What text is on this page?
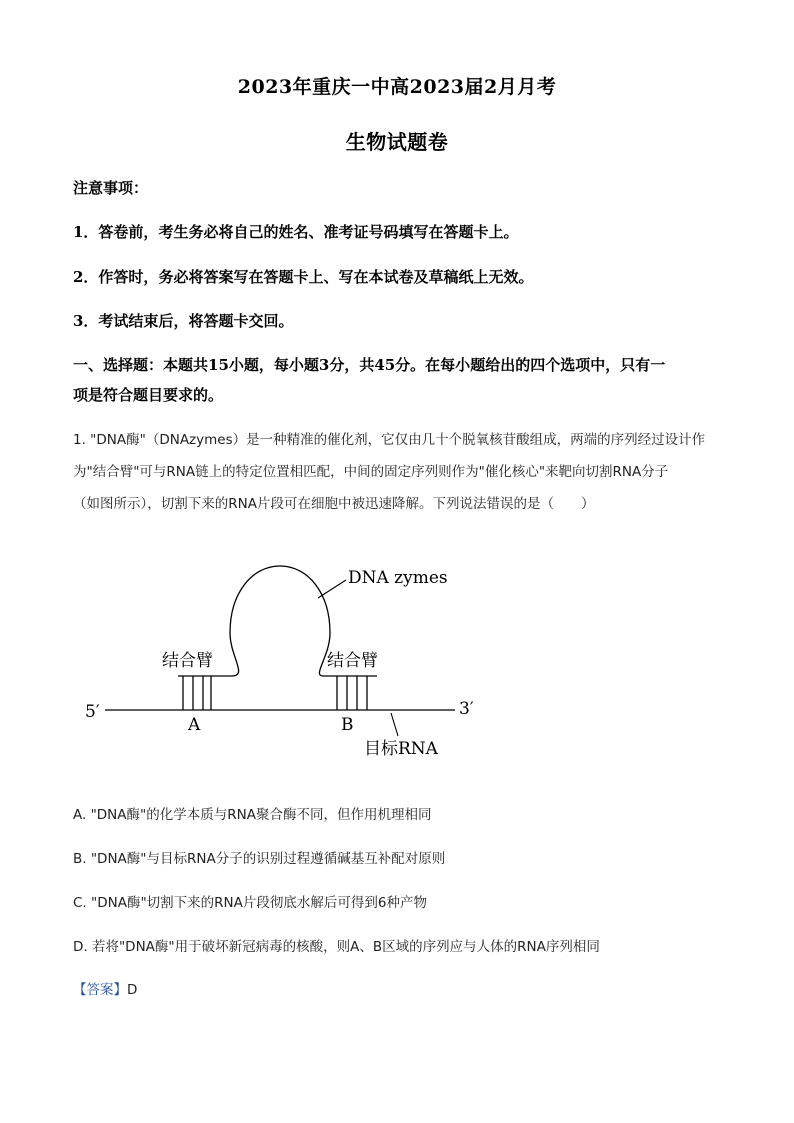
2023年重庆一中高2023届2月月考
生物试题卷
注意事项：
1．答卷前，考生务必将自己的姓名、准考证号码填写在答题卡上。
2．作答时，务必将答案写在答题卡上、写在本试卷及草稿纸上无效。
3．考试结束后，将答题卡交回。
一、选择题：本题共15小题，每小题3分，共45分。在每小题给出的四个选项中，只有一
项是符合题目要求的。
1. "DNA酶"（DNAzymes）是一种精准的催化剂，它仅由几十个脱氧核苷酸组成，两端的序列经过设计作
为"结合臂"可与RNA链上的特定位置相匹配，中间的固定序列则作为"催化核心"来靶向切割RNA分子
（如图所示），切割下来的RNA片段可在细胞中被迅速降解。下列说法错误的是（　　）
DNA zymes
结合臂	结合臂
5′	3′
A	B
目标RNA
A. "DNA酶"的化学本质与RNA聚合酶不同，但作用机理相同
B. "DNA酶"与目标RNA分子的识别过程遵循碱基互补配对原则
C. "DNA酶"切割下来的RNA片段彻底水解后可得到6种产物
D. 若将"DNA酶"用于破坏新冠病毒的核酸，则A、B区域的序列应与人体的RNA序列相同
【答案】D
